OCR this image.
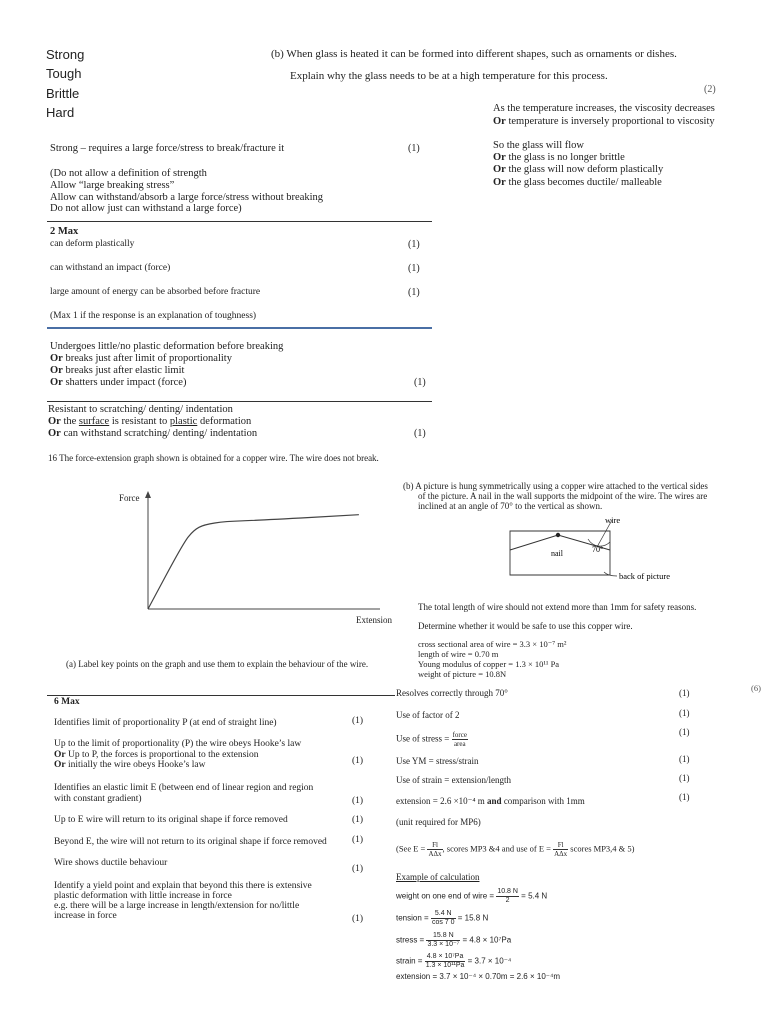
Strong
Tough
Brittle
Hard
(b) When glass is heated it can be formed into different shapes, such as ornaments or dishes.
Explain why the glass needs to be at a high temperature for this process.
(2)
As the temperature increases, the viscosity decreases
Or temperature is inversely proportional to viscosity
So the glass will flow
Or the glass is no longer brittle
Or the glass will now deform plastically
Or the glass becomes ductile/ malleable
Strong – requires a large force/stress to break/fracture it	(1)
(Do not allow a definition of strength
Allow “large breaking stress”
Allow can withstand/absorb a large force/stress without breaking
Do not allow just can withstand a large force)
2 Max
can deform plastically	(1)
can withstand an impact (force)	(1)
large amount of energy can be absorbed before fracture	(1)
(Max 1 if the response is an explanation of toughness)
Undergoes little/no plastic deformation before breaking
Or breaks just after limit of proportionality
Or breaks just after elastic limit
Or shatters under impact (force)	(1)
Resistant to scratching/ denting/ indentation
Or the surface is resistant to plastic deformation
Or can withstand scratching/ denting/ indentation	(1)
16 The force-extension graph shown is obtained for a copper wire. The wire does not break.
Force
Extension
(a) Label key points on the graph and use them to explain the behaviour of the wire.
(b) A picture is hung symmetrically using a copper wire attached to the vertical sides
of the picture. A nail in the wall supports the midpoint of the wire. The wires are
inclined at an angle of 70° to the vertical as shown.
wire
nail	70°
back of picture
The total length of wire should not extend more than 1mm for safety reasons.
Determine whether it would be safe to use this copper wire.
cross sectional area of wire = 3.3 × 10⁻⁷ m²
length of wire = 0.70 m
Young modulus of copper = 1.3 × 10¹¹ Pa
weight of picture = 10.8N
(6)
6 Max
Identifies limit of proportionality P (at end of straight line)	(1)
Up to the limit of proportionality (P) the wire obeys Hooke’s law
Or Up to P, the forces is proportional to the extension
Or initially the wire obeys Hooke’s law	(1)
Identifies an elastic limit E (between end of linear region and region
with constant gradient)	(1)
Up to E wire will return to its original shape if force removed	(1)
Beyond E, the wire will not return to its original shape if force removed	(1)
Wire shows ductile behaviour
(1)
Identify a yield point and explain that beyond this there is extensive
plastic deformation with little increase in force
e.g. there will be a large increase in length/extension for no/little
increase in force	(1)
Resolves correctly through 70°	(1)
Use of factor of 2	(1)
Use of stress = $\frac{\text{force}}{\text{area}}$	(1)
Use YM = stress/strain	(1)
Use of strain = extension/length	(1)
extension = 2.6 ×10⁻⁴ m and comparison with 1mm	(1)
(unit required for MP6)
(See $E = \frac{Fl}{\text{AΔx}}$ , scores MP3 &4 and use of $E = \frac{Fl}{\text{AΔx}}$ scores MP3,4 & 5)
Example of calculation
weight on one end of wire = $\frac{10.8 N}{2} = 5.4$ N
tension = $\frac{5.4 N}{\cos 7 0} = 15.8$ N
stress = $\frac{15.8 N}{\text{3.3 × 10⁻⁷}} = 4.8 \times 10^7Pa$
strain = $\frac{\text{4.8 × 10⁷Pa}}{\text{1.3 × 10¹¹Pa}} = 3.7 \times 10^{-4}$
extension = 3.7 × 10⁻⁴ × 0.70m = 2.6 × 10⁻⁴m
